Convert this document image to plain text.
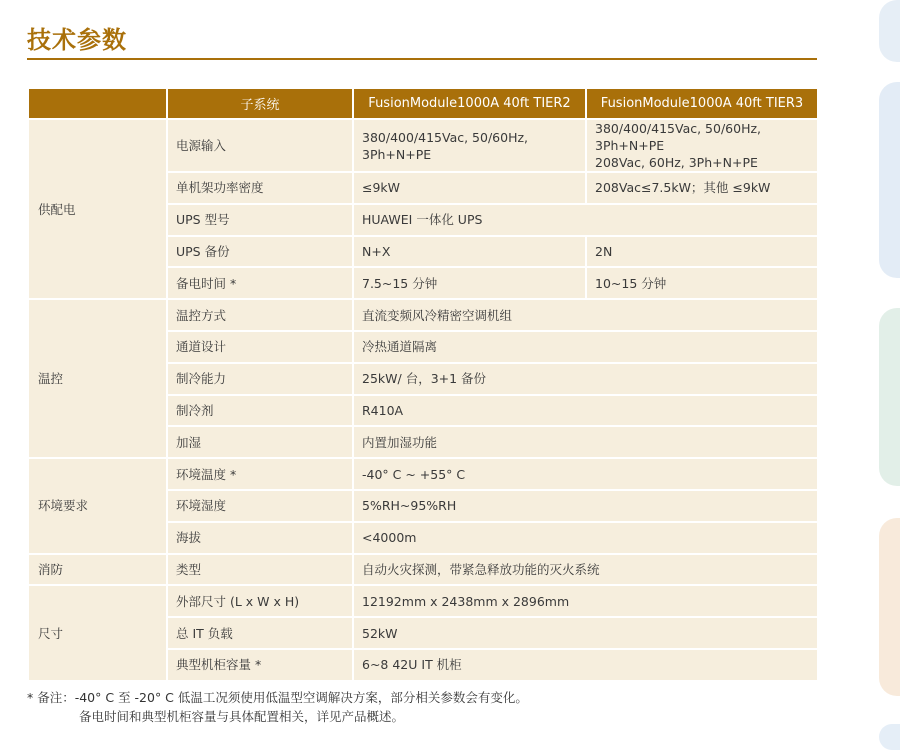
技术参数
	子系统	FusionModule1000A 40ft TIER2	FusionModule1000A 40ft TIER3
供配电	电源输入	380/400/415Vac, 50/60Hz, 3Ph+N+PE	380/400/415Vac, 50/60Hz, 3Ph+N+PE
208Vac, 60Hz, 3Ph+N+PE

	单机架功率密度	≤9kW	208Vac≤7.5kW；其他 ≤9kW
	UPS 型号	HUAWEI 一体化 UPS	
	UPS 备份	N+X	2N
	备电时间 *	7.5~15 分钟	10~15 分钟
温控	温控方式	直流变频风冷精密空调机组	
	通道设计	冷热通道隔离	
	制冷能力	25kW/ 台，3+1 备份	
	制冷剂	R410A	
	加湿	内置加湿功能	
环境要求	环境温度 *	-40° C ~ +55° C	
	环境湿度	5%RH~95%RH	
	海拔	<4000m	
消防	类型	自动火灾探测，带紧急释放功能的灭火系统	
尺寸	外部尺寸 (L x W x H)	12192mm x 2438mm x 2896mm	
	总 IT 负载	52kW	
	典型机柜容量 *	6~8 42U IT 机柜	
* 备注：-40° C 至 -20° C 低温工况须使用低温型空调解决方案，部分相关参数会有变化。
备电时间和典型机柜容量与具体配置相关，详见产品概述。
